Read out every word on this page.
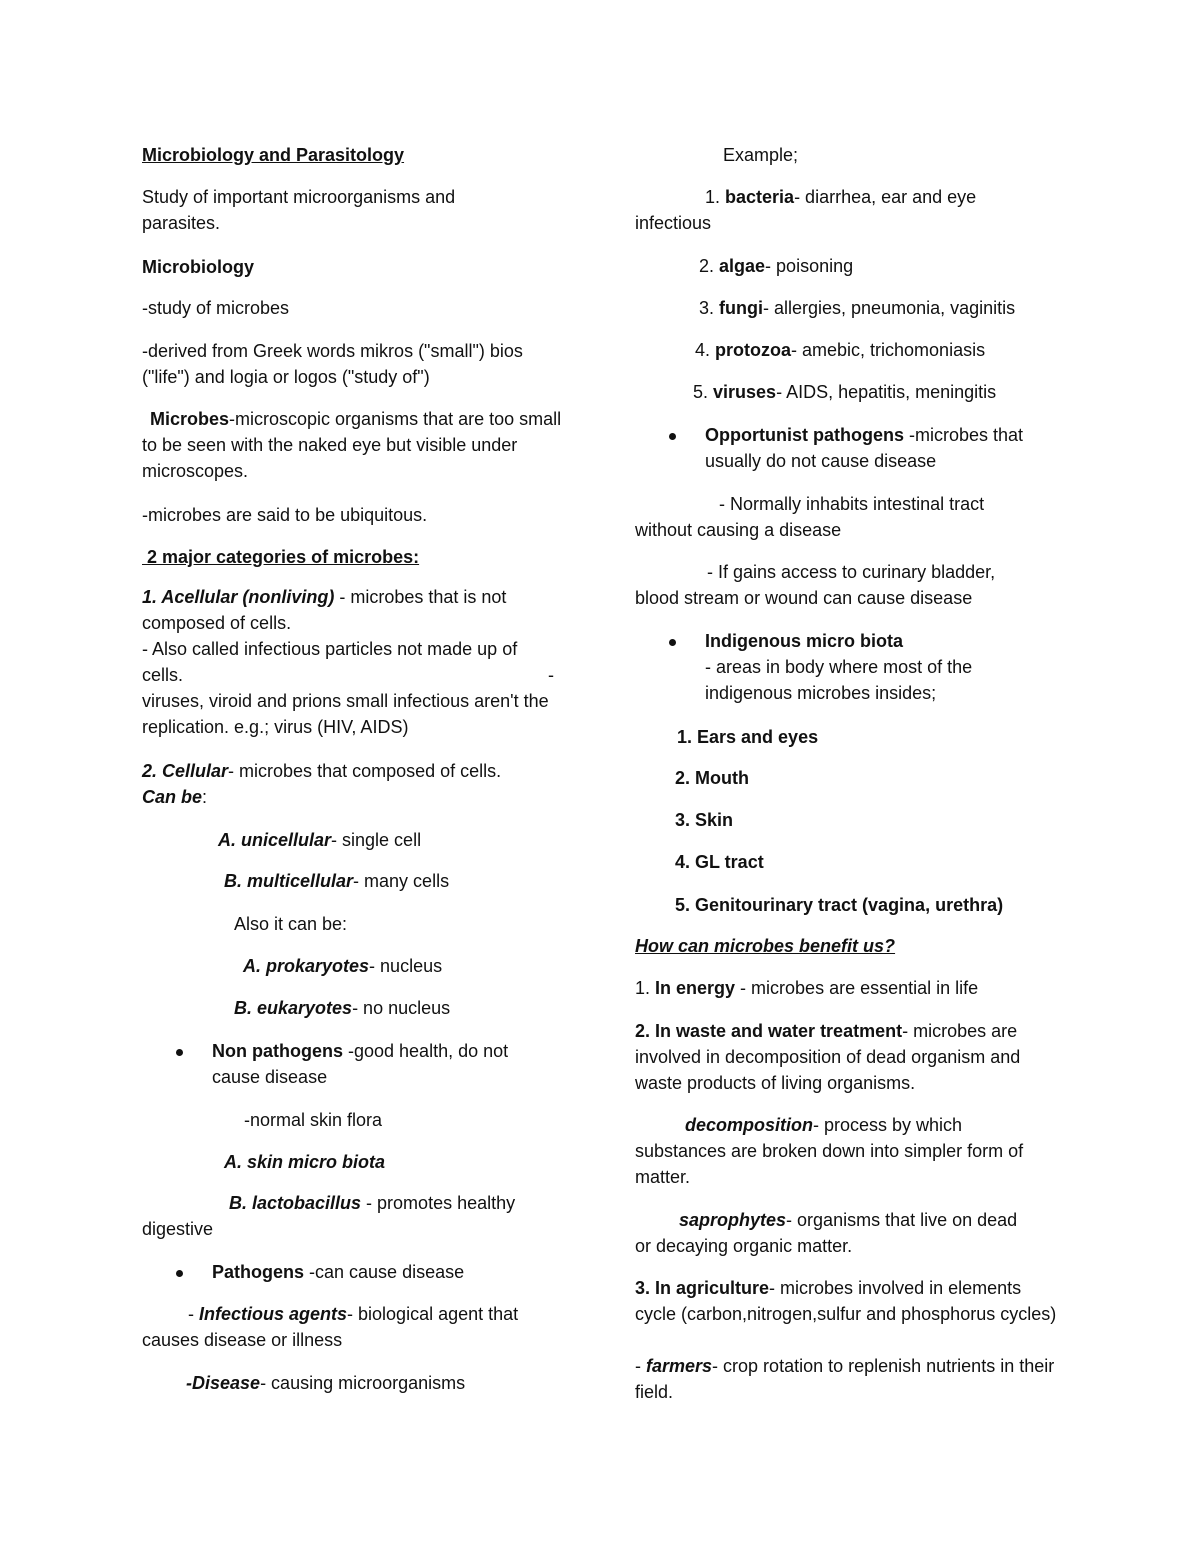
Microbiology and Parasitology

Study of important microorganisms and parasites.

Microbiology

-study of microbes

-derived from Greek words mikros ("small") bios ("life") and logia or logos ("study of")

Microbes-microscopic organisms that are too small to be seen with the naked eye but visible under microscopes.

-microbes are said to be ubiquitous.

2 major categories of microbes:

1. Acellular (nonliving) - microbes that is not composed of cells.

- Also called infectious particles not made up of cells.	-

viruses, viroid and prions small infectious aren't the replication. e.g.; virus (HIV, AIDS)

2. Cellular- microbes that composed of cells.

Can be:

A. unicellular- single cell

B. multicellular- many cells

Also it can be:

A. prokaryotes- nucleus

B. eukaryotes- no nucleus

Non pathogens -good health, do not cause disease

-normal skin flora

A. skin micro biota

B. lactobacillus - promotes healthy

digestive

Pathogens -can cause disease

- Infectious agents- biological agent that

causes disease or illness

-Disease- causing microorganisms

Example;

1. bacteria- diarrhea, ear and eye

infectious

2. algae- poisoning

3. fungi- allergies, pneumonia, vaginitis

4. protozoa- amebic, trichomoniasis

5. viruses- AIDS, hepatitis, meningitis

Opportunist pathogens -microbes that usually do not cause disease

- Normally inhabits intestinal tract

without causing a disease

- If gains access to curinary bladder,

blood stream or wound can cause disease

Indigenous micro biota
- areas in body where most of the indigenous microbes insides;

1. Ears and eyes

2. Mouth

3. Skin

4. GL tract

5. Genitourinary tract (vagina, urethra)

How can microbes benefit us?

1. In energy - microbes are essential in life

2. In waste and water treatment- microbes are involved in decomposition of dead organism and waste products of living organisms.

decomposition- process by which

substances are broken down into simpler form of matter.

saprophytes- organisms that live on dead

or decaying organic matter.

3. In agriculture- microbes involved in elements cycle (carbon,nitrogen,sulfur and phosphorus cycles)

- farmers- crop rotation to replenish nutrients in their field.
